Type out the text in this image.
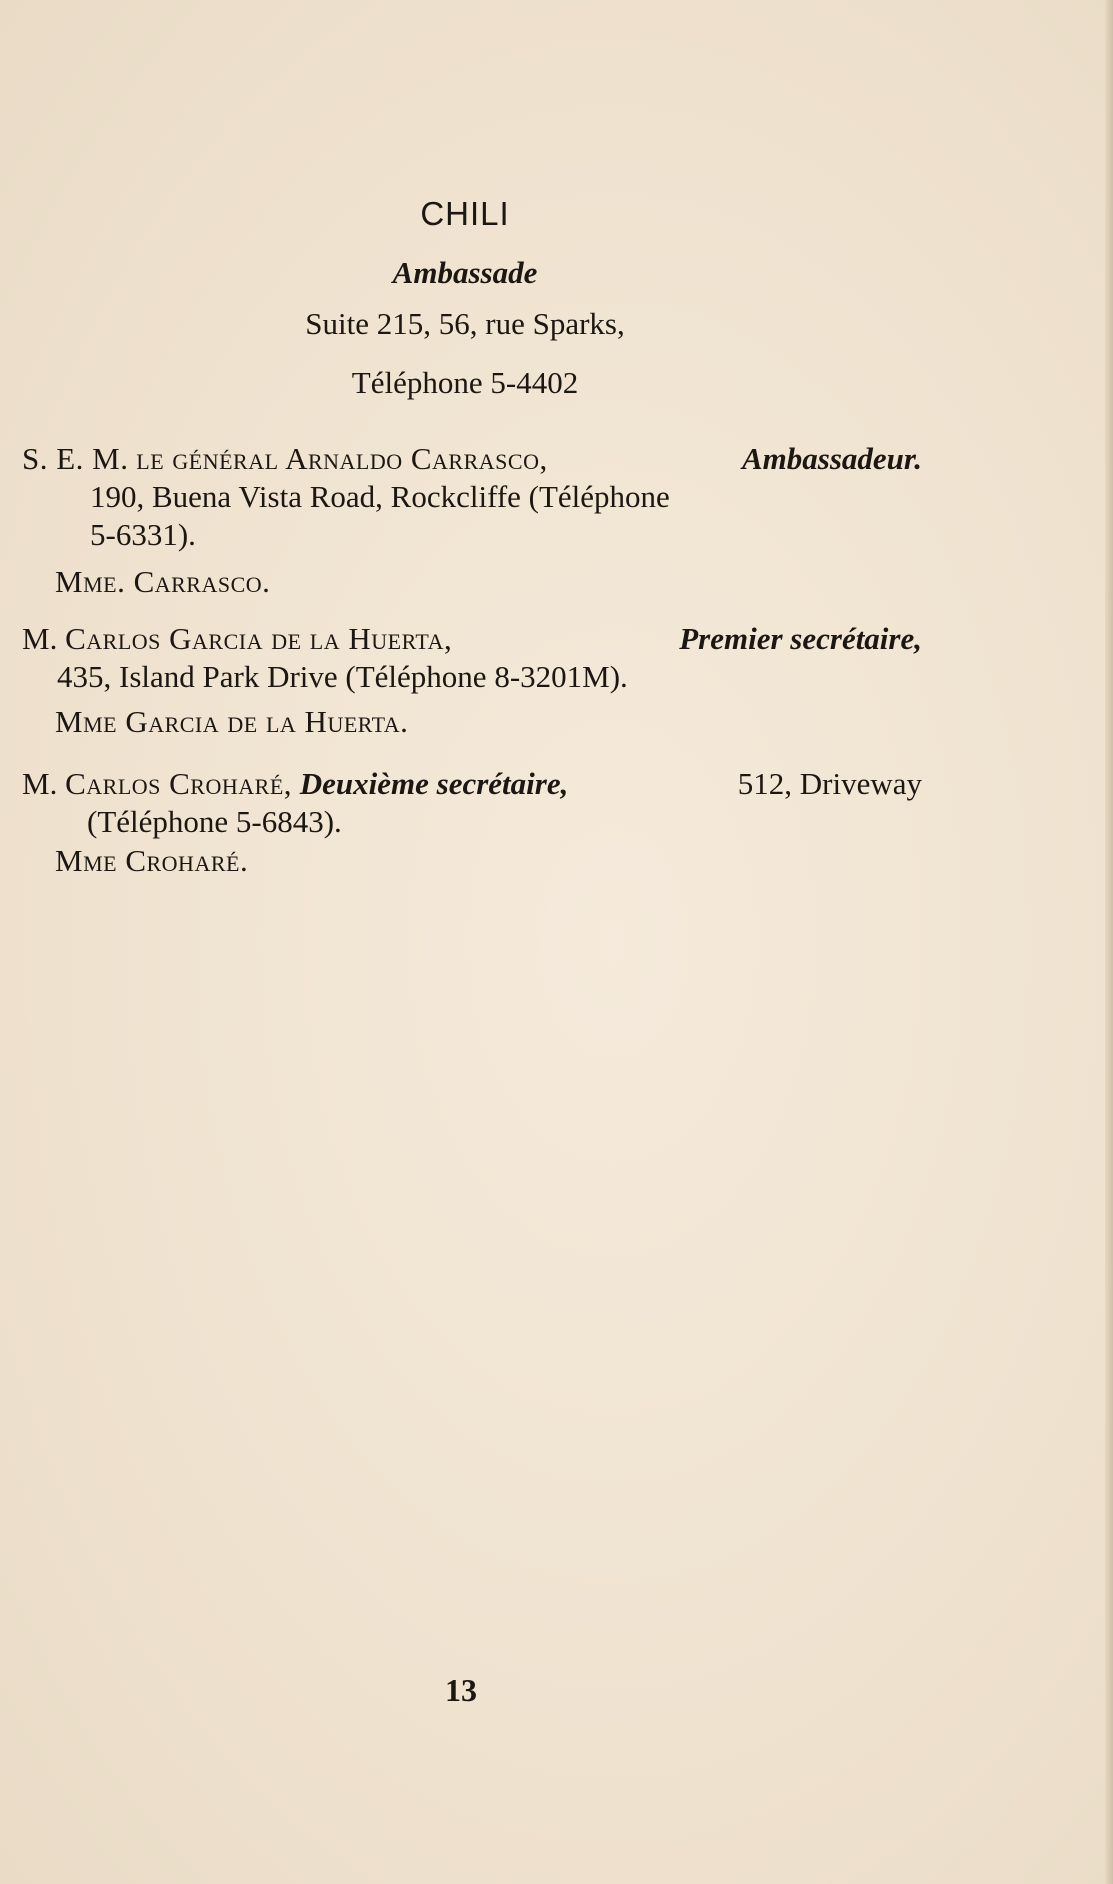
CHILI
Ambassade
Suite 215, 56, rue Sparks,
Téléphone 5-4402
S. E. M. le général Arnaldo Carrasco,	Ambassadeur.
190, Buena Vista Road, Rockcliffe (Téléphone
5-6331).
Mme. Carrasco.
M. Carlos Garcia de la Huerta,	Premier secrétaire,
435, Island Park Drive (Téléphone 8-3201M).
Mme Garcia de la Huerta.
M. Carlos Croharé, Deuxième secrétaire,	512, Driveway
(Téléphone 5-6843).
Mme Croharé.
13
